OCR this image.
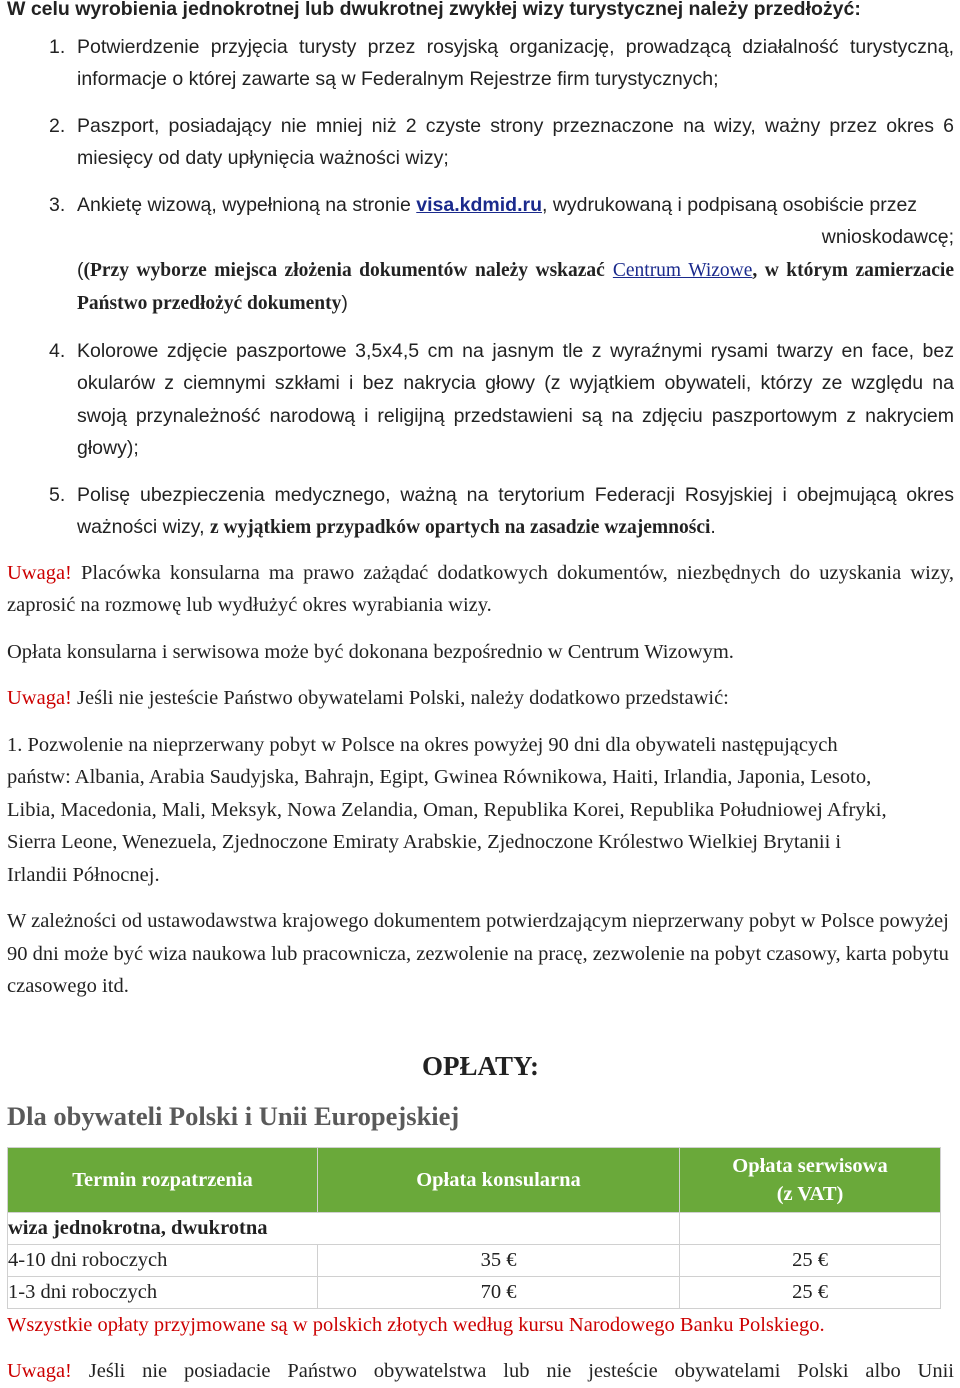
W celu wyrobienia jednokrotnej lub dwukrotnej zwykłej wizy turystycznej należy przedłożyć:

1. Potwierdzenie przyjęcia turysty przez rosyjską organizację, prowadzącą działalność turystyczną, informacje o której zawarte są w Federalnym Rejestrze firm turystycznych;
2. Paszport, posiadający nie mniej niż 2 czyste strony przeznaczone na wizy, ważny przez okres 6 miesięcy od daty upłynięcia ważności wizy;
3. Ankietę wizową, wypełnioną na stronie visa.kdmid.ru, wydrukowaną i podpisaną osobiście przez
wnioskodawcę;
((Przy wyborze miejsca złożenia dokumentów należy wskazać Centrum Wizowe, w którym zamierzacie Państwo przedłożyć dokumenty)
4. Kolorowe zdjęcie paszportowe 3,5x4,5 cm na jasnym tle z wyraźnymi rysami twarzy en face, bez okularów z ciemnymi szkłami i bez nakrycia głowy (z wyjątkiem obywateli, którzy ze względu na swoją przynależność narodową i religijną przedstawieni są na zdjęciu paszportowym z nakryciem głowy);
5. Polisę ubezpieczenia medycznego, ważną na terytorium Federacji Rosyjskiej i obejmującą okres ważności wizy, z wyjątkiem przypadków opartych na zasadzie wzajemności.

Uwaga! Placówka konsularna ma prawo zażądać dodatkowych dokumentów, niezbędnych do uzyskania wizy, zaprosić na rozmowę lub wydłużyć okres wyrabiania wizy.

Opłata konsularna i serwisowa może być dokonana bezpośrednio w Centrum Wizowym.

Uwaga! Jeśli nie jesteście Państwo obywatelami Polski, należy dodatkowo przedstawić:

1. Pozwolenie na nieprzerwany pobyt w Polsce na okres powyżej 90 dni dla obywateli następujących państw: Albania, Arabia Saudyjska, Bahrajn, Egipt, Gwinea Równikowa, Haiti, Irlandia, Japonia, Lesoto, Libia, Macedonia, Mali, Meksyk, Nowa Zelandia, Oman, Republika Korei, Republika Południowej Afryki, Sierra Leone, Wenezuela, Zjednoczone Emiraty Arabskie, Zjednoczone Królestwo Wielkiej Brytanii i Irlandii Północnej.

W zależności od ustawodawstwa krajowego dokumentem potwierdzającym nieprzerwany pobyt w Polsce powyżej 90 dni może być wiza naukowa lub pracownicza, zezwolenie na pracę, zezwolenie na pobyt czasowy, karta pobytu czasowego itd.

OPŁATY:

Dla obywateli Polski i Unii Europejskiej

Termin rozpatrzenia	Opłata konsularna	Opłata serwisowa
(z VAT)
wiza jednokrotna, dwukrotna		
4-10 dni roboczych	35 €	25 €
1-3 dni roboczych	70 €	25 €

Wszystkie opłaty przyjmowane są w polskich złotych według kursu Narodowego Banku Polskiego.

Uwaga! Jeśli nie posiadacie Państwo obywatelstwa lub nie jesteście obywatelami Polski albo Unii
